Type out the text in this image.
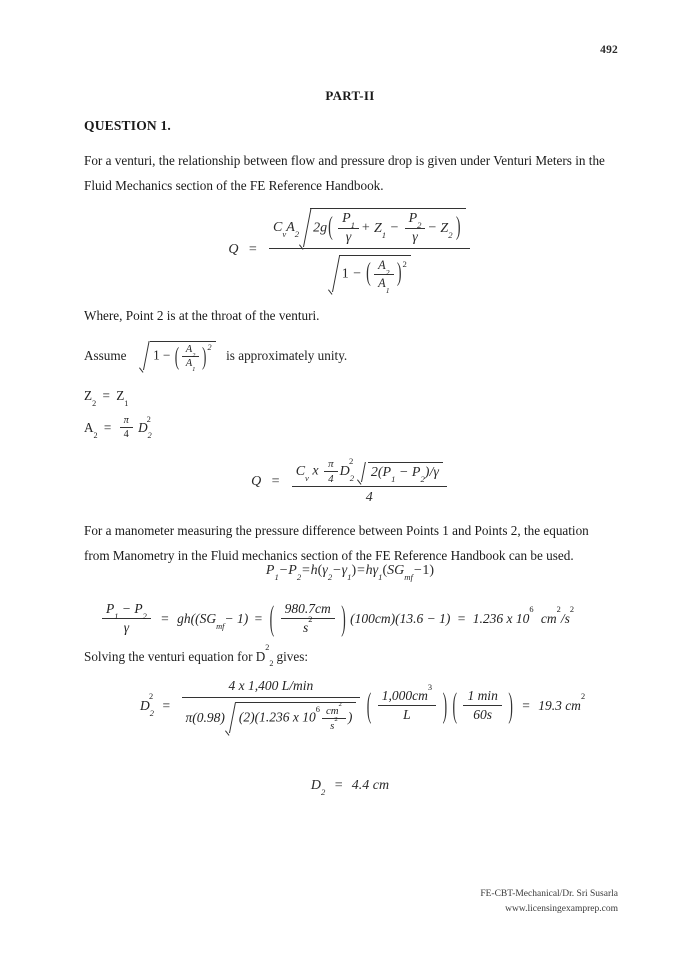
492
PART-II
QUESTION 1.
For a venturi, the relationship between flow and pressure drop is given under Venturi Meters in the Fluid Mechanics section of the FE Reference Handbook.
$Q = C_vA_2$ 2g ( $\frac{P_1}{\gamma} + Z_1 - \frac{P_2}{\gamma} - Z_2$ )
1 − ( $\frac{A_2}{A_1}$
) $^2$
Where, Point 2 is at the throat of the venturi.
Assume 1 − ( $\frac{A_2}{A_1}$
) $^2$  is approximately unity.
$Z_2 = Z_1$
$A_2 = \frac{\pi}{4} D_2^2$
$Q = \frac{C_v x \frac{\pi}{4} D_2^2 2(P_1 - P_2)/\gamma}{4}$
For a manometer measuring the pressure difference between Points 1 and Points 2, the equation from Manometry in the Fluid mechanics section of the FE Reference Handbook can be used.
$P_1-P_2=h(\gamma_2-\gamma_1)=h\gamma_1(SG_{mf}-1)$
$\frac{P_1 - P_2}{\gamma} = gh((SG_{mf}- 1)$ = ( $\frac{980.7cm}{s^2}$
) (100cm)(13.6 − 1) = 1.236 x $10^6$ $cm^2/s^2$
Solving the venturi equation for $D^2_2$ gives:
$D_2^2 = \frac{4 x 1,400 L/\min}{\pi(0.98) (2)(1.236 x 10^6 \frac{cm^2}{s^2} )}$
( $\frac{1,000cm^3}{L}$
) ( $\frac{1 \min}{60s}$
) = 19.3 $cm^2$
$D_2 = 4.4$ cm
FE-CBT-Mechanical/Dr. Sri Susarla
www.licensingexamprep.com
